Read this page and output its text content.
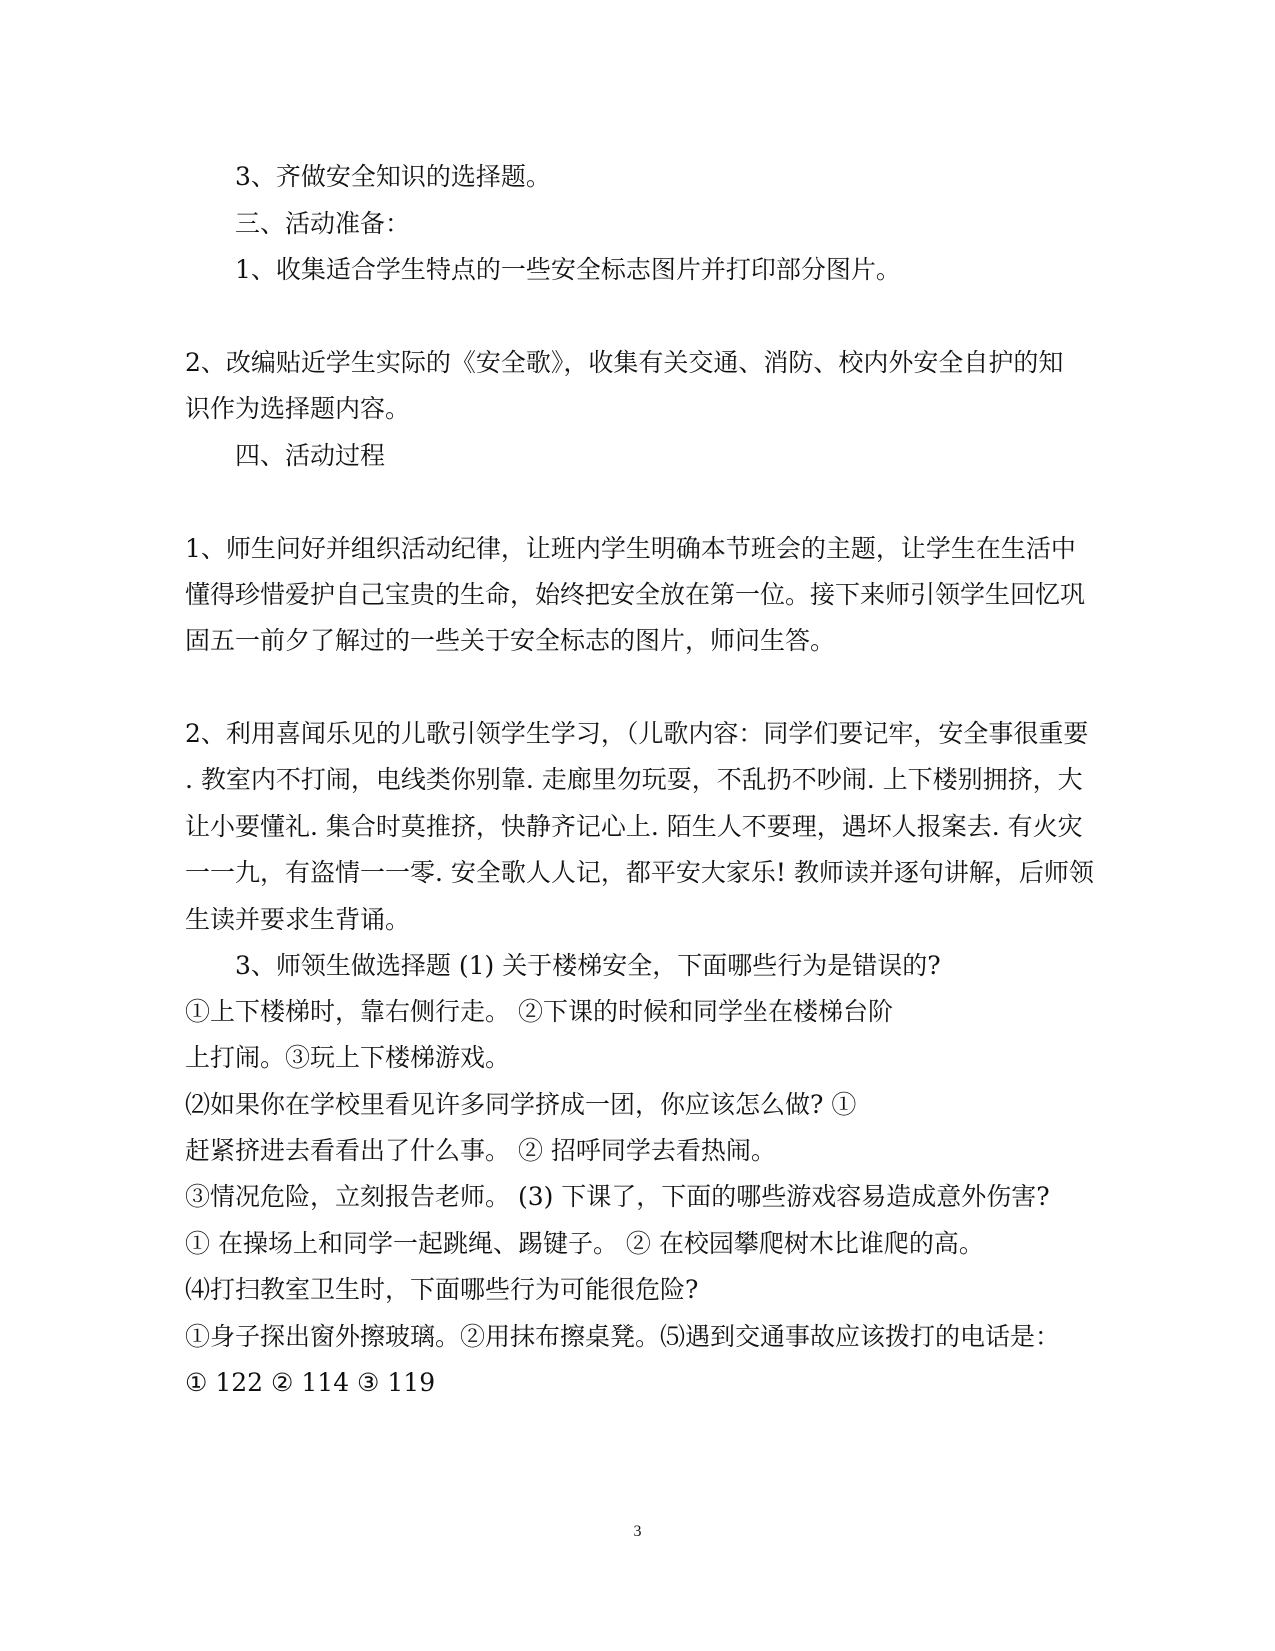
3、齐做安全知识的选择题。
三、活动准备：
1、收集适合学生特点的一些安全标志图片并打印部分图片。
2、改编贴近学生实际的《安全歌》，收集有关交通、消防、校内外安全自护的知
识作为选择题内容。
四、活动过程
1、师生问好并组织活动纪律，让班内学生明确本节班会的主题，让学生在生活中
懂得珍惜爱护自己宝贵的生命，始终把安全放在第一位。接下来师引领学生回忆巩
固五一前夕了解过的一些关于安全标志的图片，师问生答。
2、利用喜闻乐见的儿歌引领学生学习，（儿歌内容：同学们要记牢，安全事很重要
. 教室内不打闹，电线类你别靠. 走廊里勿玩耍，不乱扔不吵闹. 上下楼别拥挤，大
让小要懂礼. 集合时莫推挤，快静齐记心上. 陌生人不要理，遇坏人报案去. 有火灾
一一九，有盗情一一零. 安全歌人人记，都平安大家乐! 教师读并逐句讲解，后师领
生读并要求生背诵。
3、师领生做选择题 (1) 关于楼梯安全，下面哪些行为是错误的?
①上下楼梯时，靠右侧行走。 ②下课的时候和同学坐在楼梯台阶
上打闹。③玩上下楼梯游戏。
⑵如果你在学校里看见许多同学挤成一团，你应该怎么做? ①
赶紧挤进去看看出了什么事。 ② 招呼同学去看热闹。
③情况危险，立刻报告老师。 (3) 下课了，下面的哪些游戏容易造成意外伤害?
① 在操场上和同学一起跳绳、踢键子。 ② 在校园攀爬树木比谁爬的高。
⑷打扫教室卫生时，下面哪些行为可能很危险?
①身子探出窗外擦玻璃。②用抹布擦桌凳。⑸遇到交通事故应该拨打的电话是：
① 122 ② 114 ③ 119
3
